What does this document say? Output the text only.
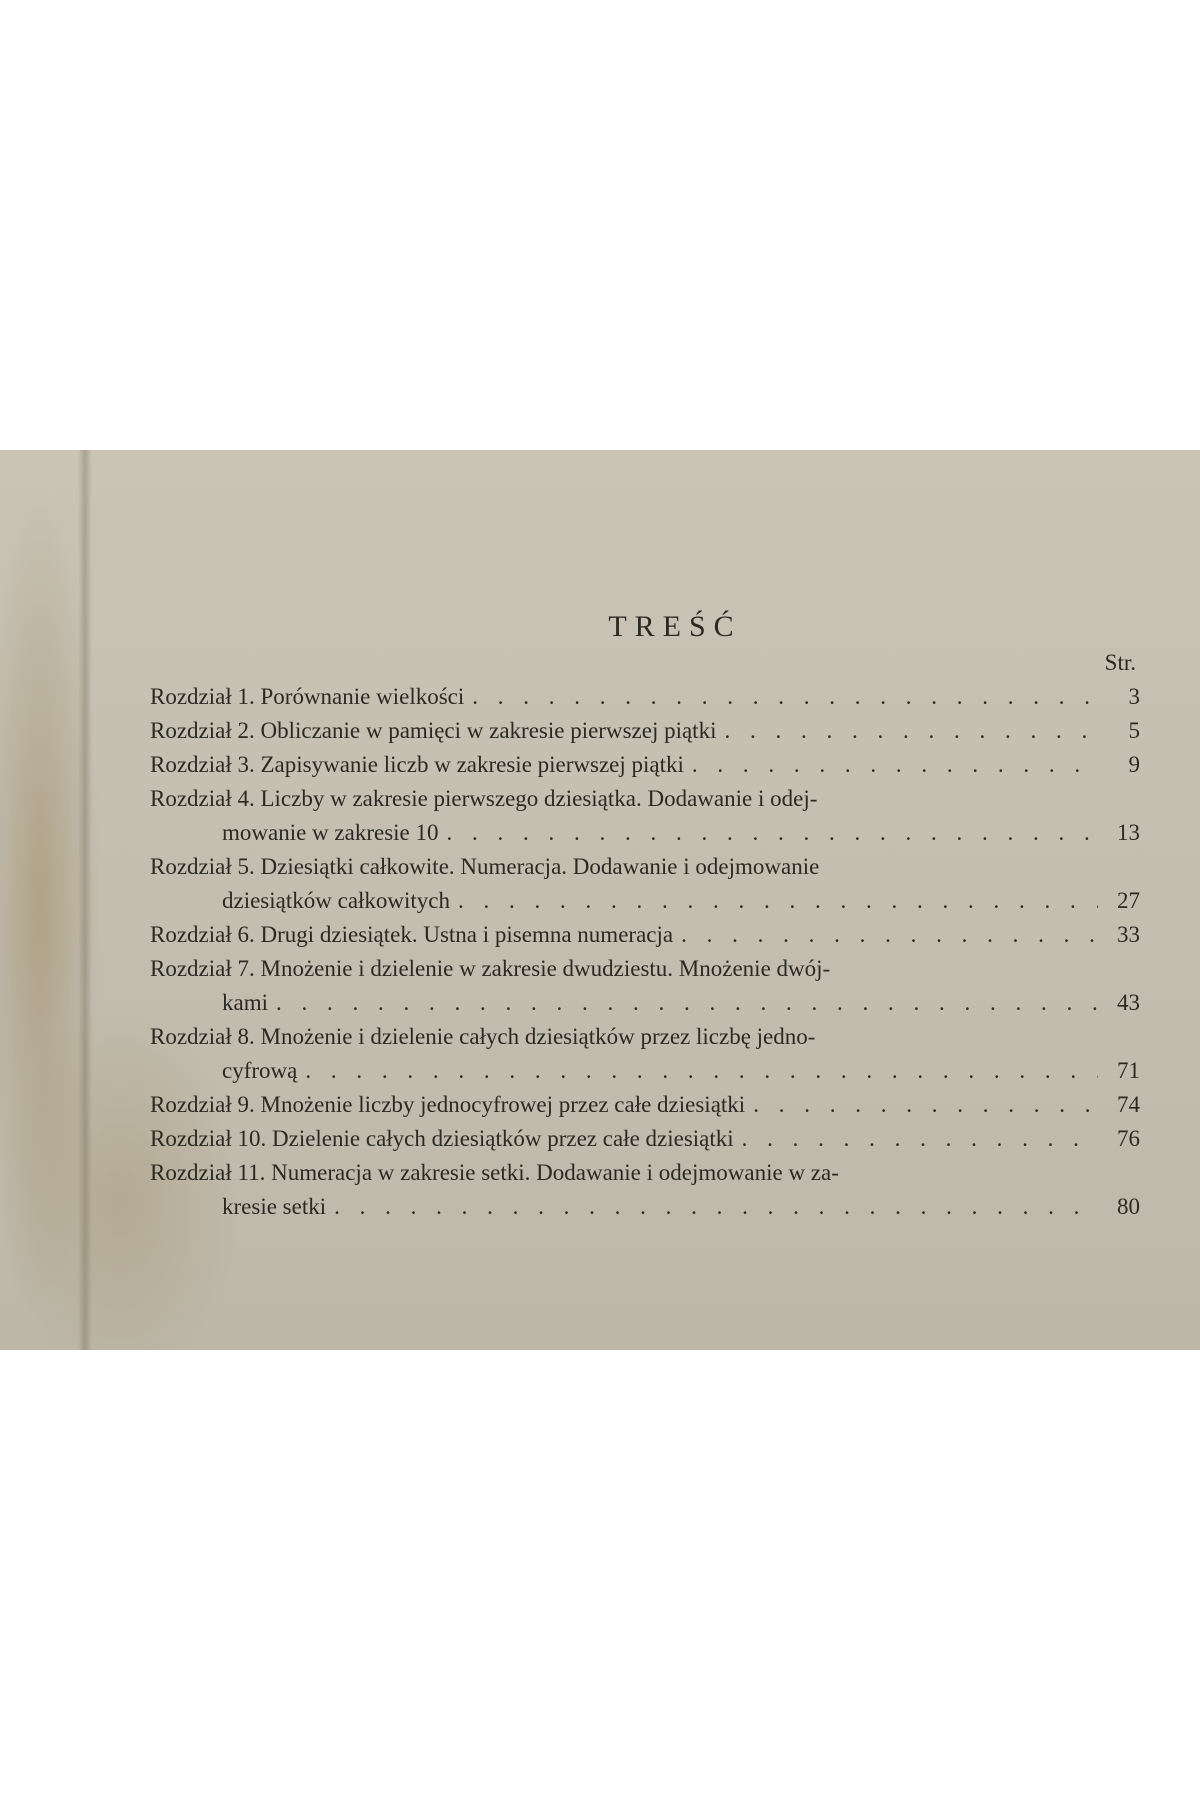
TREŚĆ
Str.
Rozdział 1. Porównanie wielkości . . .	3
Rozdział 2. Obliczanie w pamięci w zakresie pierwszej piątki . . .	5
Rozdział 3. Zapisywanie liczb w zakresie pierwszej piątki . . .	9
Rozdział 4. Liczby w zakresie pierwszego dziesiątka. Dodawanie i odej-
mowanie w zakresie 10 . . .	13
Rozdział 5. Dziesiątki całkowite. Numeracja. Dodawanie i odejmowanie
dziesiątków całkowitych . . .	27
Rozdział 6. Drugi dziesiątek. Ustna i pisemna numeracja . . .	33
Rozdział 7. Mnożenie i dzielenie w zakresie dwudziestu. Mnożenie dwój-
kami . . .	43
Rozdział 8. Mnożenie i dzielenie całych dziesiątków przez liczbę jedno-
cyfrową . . .	71
Rozdział 9. Mnożenie liczby jednocyfrowej przez całe dziesiątki . . .	74
Rozdział 10. Dzielenie całych dziesiątków przez całe dziesiątki . . .	76
Rozdział 11. Numeracja w zakresie setki. Dodawanie i odejmowanie w za-
kresie setki . . .	80
